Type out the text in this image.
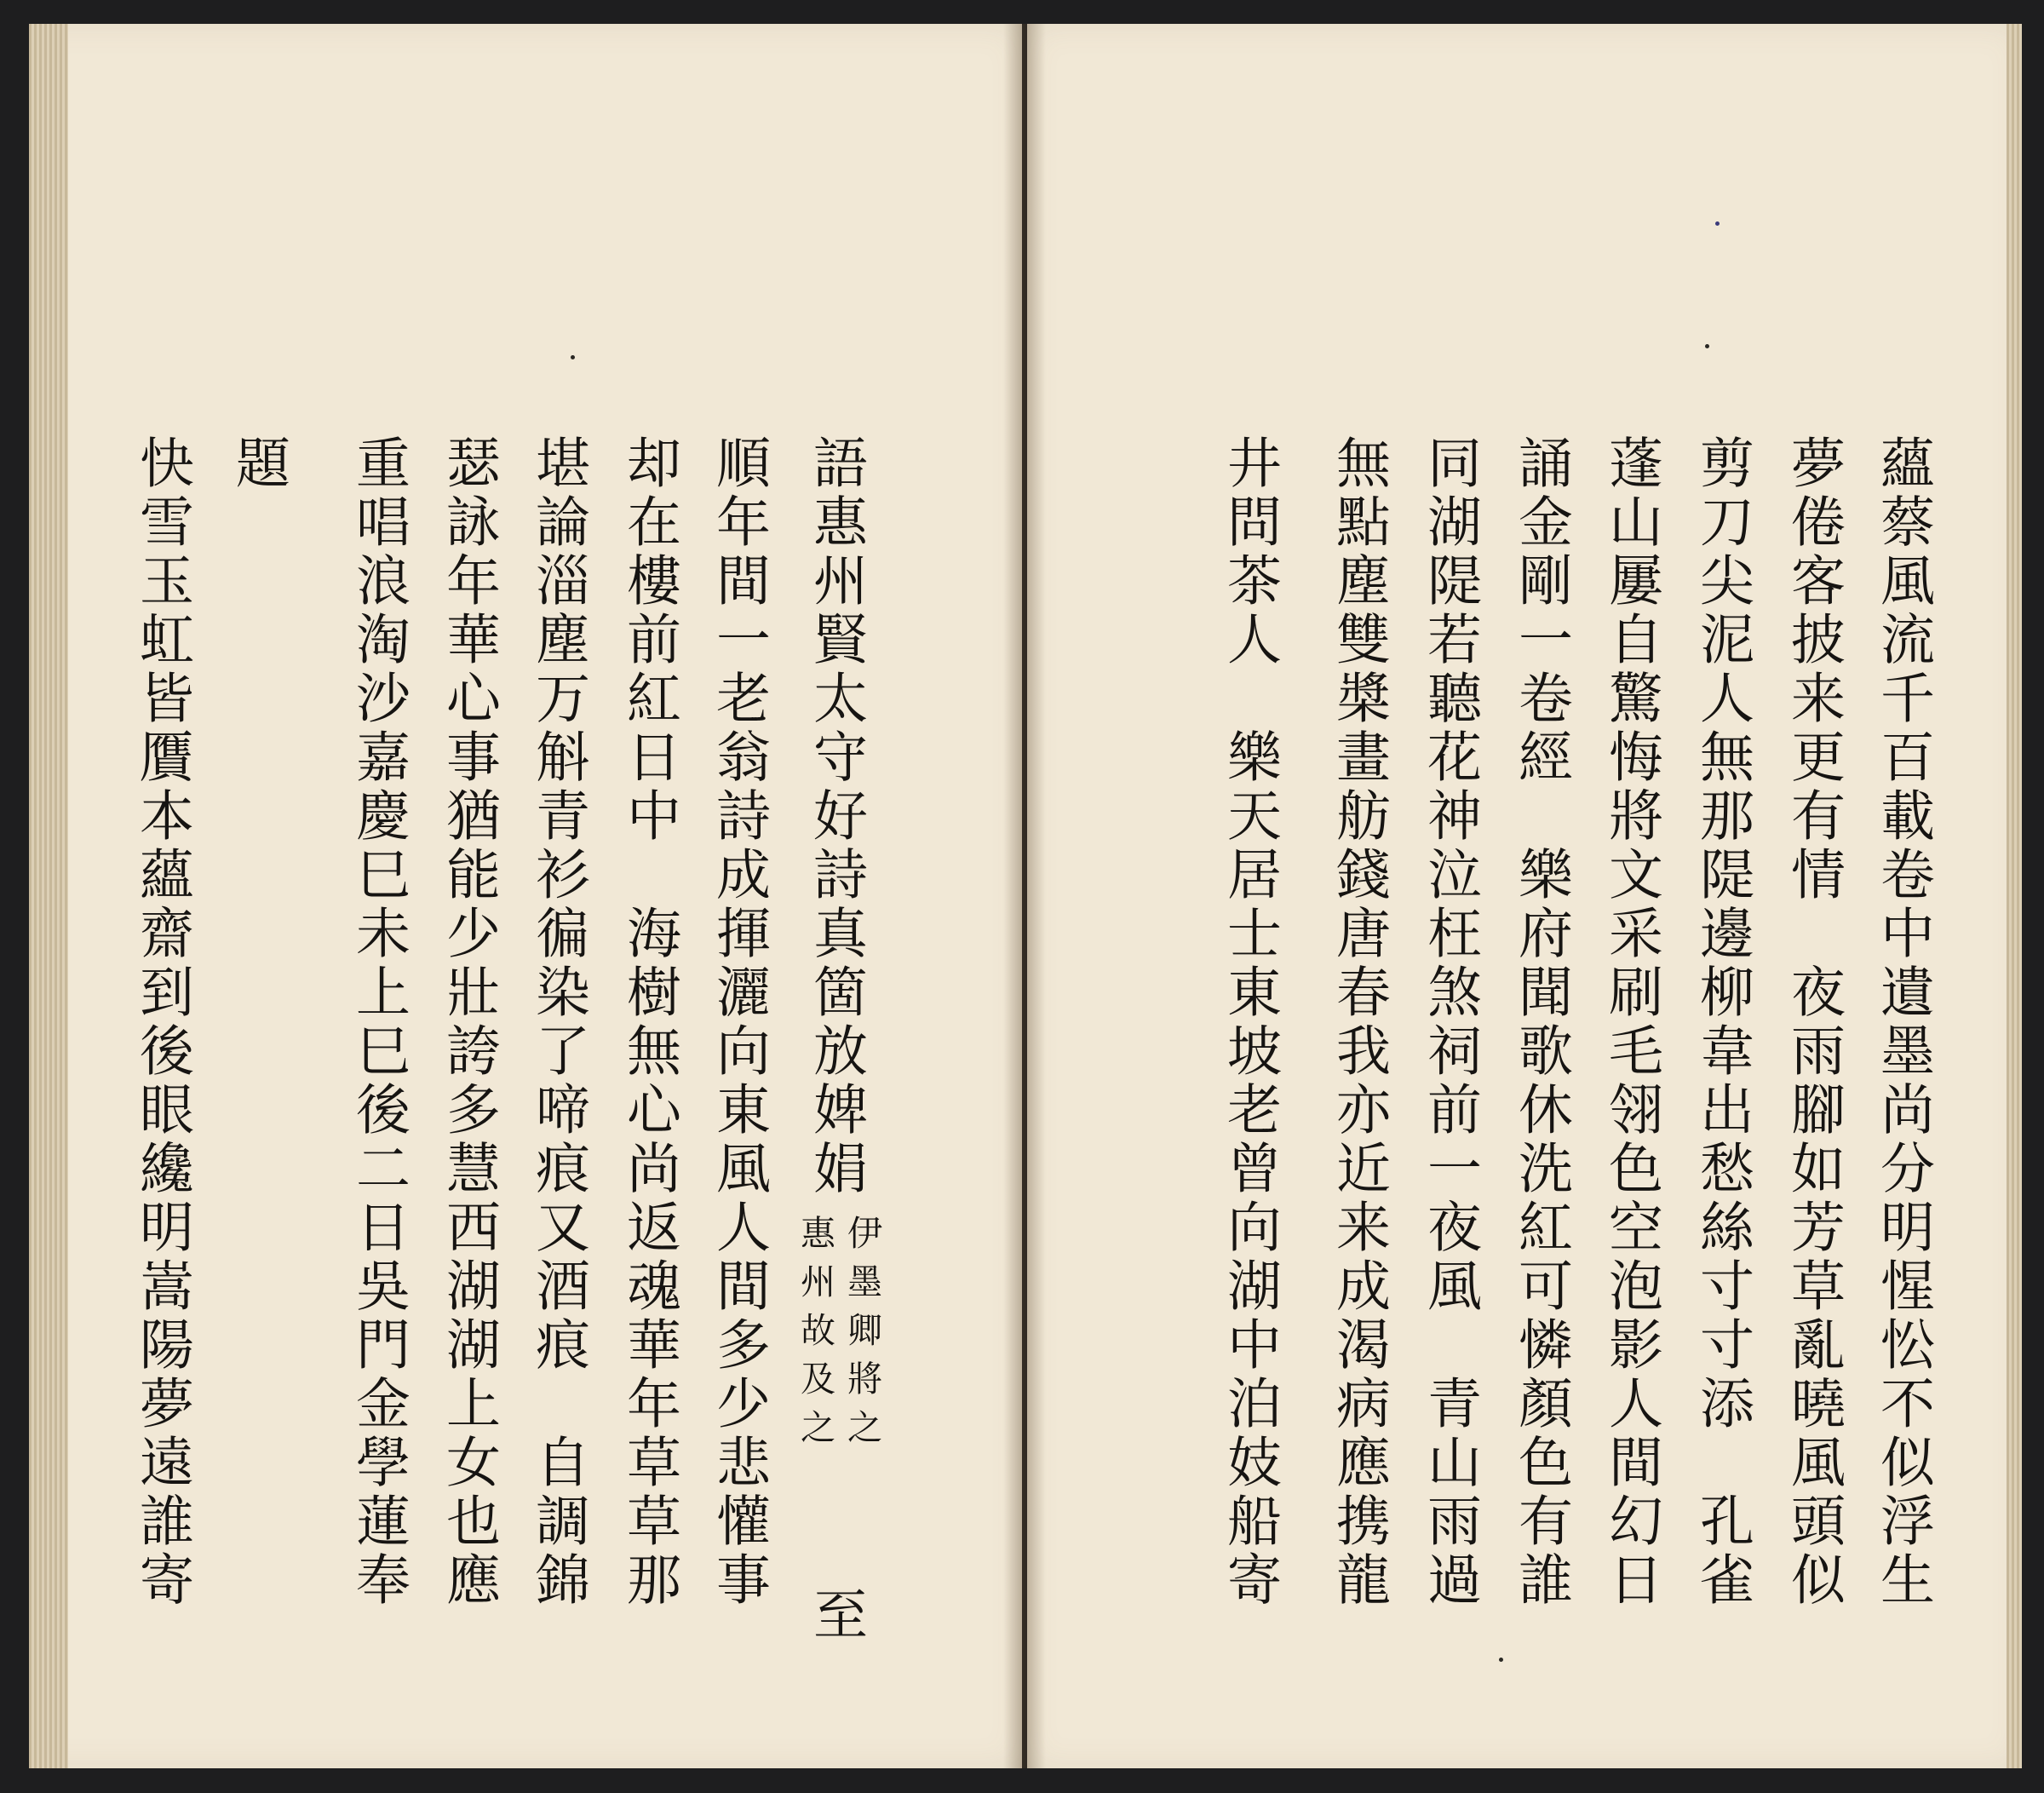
蘊蔡風流千百載卷中遺墨尚分明惺忪不似浮生
夢倦客披来更有情　夜雨腳如芳草亂曉風頭似
剪刀尖泥人無那隄邊柳韋出愁絲寸寸添　孔雀
蓬山屢自驚悔將文采刷毛翎色空泡影人間幻日
誦金剛一卷經　樂府聞歌休洗紅可憐顏色有誰
同湖隄若聽花神泣枉煞祠前一夜風　青山雨過
無點塵雙槳畫舫錢唐春我亦近来成渴病應携龍
井問茶人　樂天居士東坡老曾向湖中泊妓船寄
語惠州賢太守好詩真箇放婢娟
伊墨卿將之
惠州故及之
至
順年間一老翁詩成揮灑向東風人間多少悲懽事
却在樓前紅日中　海樹無心尚返魂華年草草那
堪論淄塵万斛青衫徧染了啼痕又酒痕　自調錦
瑟詠年華心事猶能少壯誇多慧西湖湖上女也應
重唱浪淘沙嘉慶巳未上巳後二日吳門金學蓮奉
題
快雪玉虹皆贋本蘊齋到後眼纔明嵩陽夢遠誰寄
